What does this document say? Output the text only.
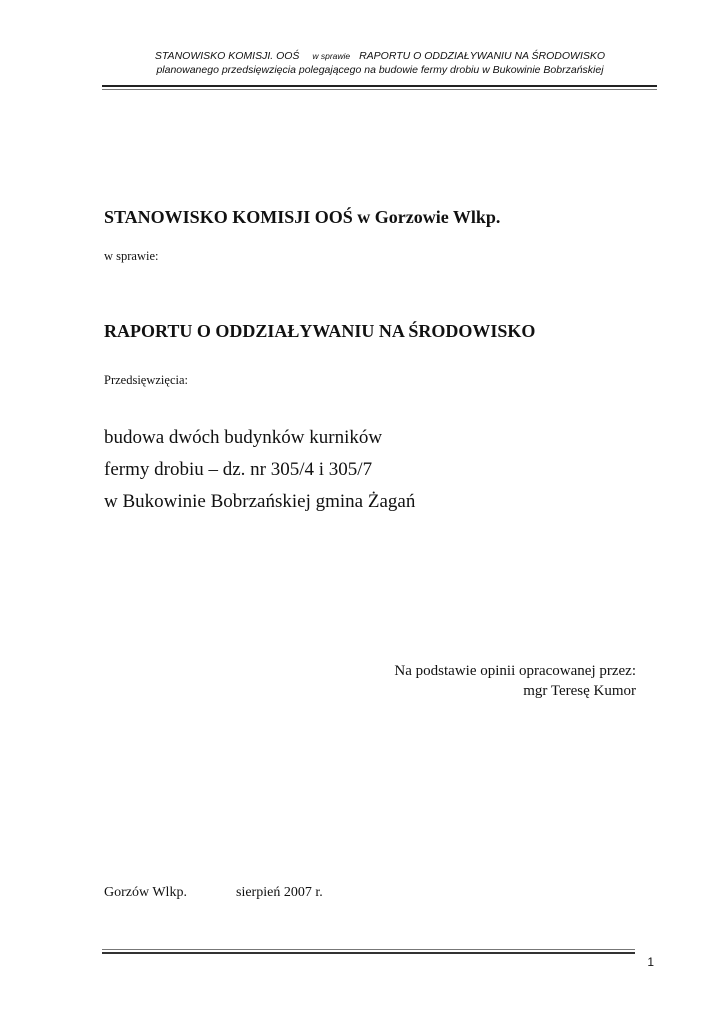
STANOWISKO KOMISJI. OOŚ w sprawie RAPORTU O ODDZIAŁYWANIU NA ŚRODOWISKO
planowanego przedsięwzięcia polegającego na budowie fermy drobiu w Bukowinie Bobrzańskiej

STANOWISKO KOMISJI OOŚ w Gorzowie Wlkp.

w sprawie:

RAPORTU O ODDZIAŁYWANIU NA ŚRODOWISKO

Przedsięwzięcia:

budowa dwóch budynków kurników
fermy drobiu – dz. nr 305/4 i 305/7
w Bukowinie Bobrzańskiej gmina Żagań
Na podstawie opinii opracowanej przez:
mgr Teresę Kumor

Gorzów Wlkp.	sierpień 2007 r.
1
